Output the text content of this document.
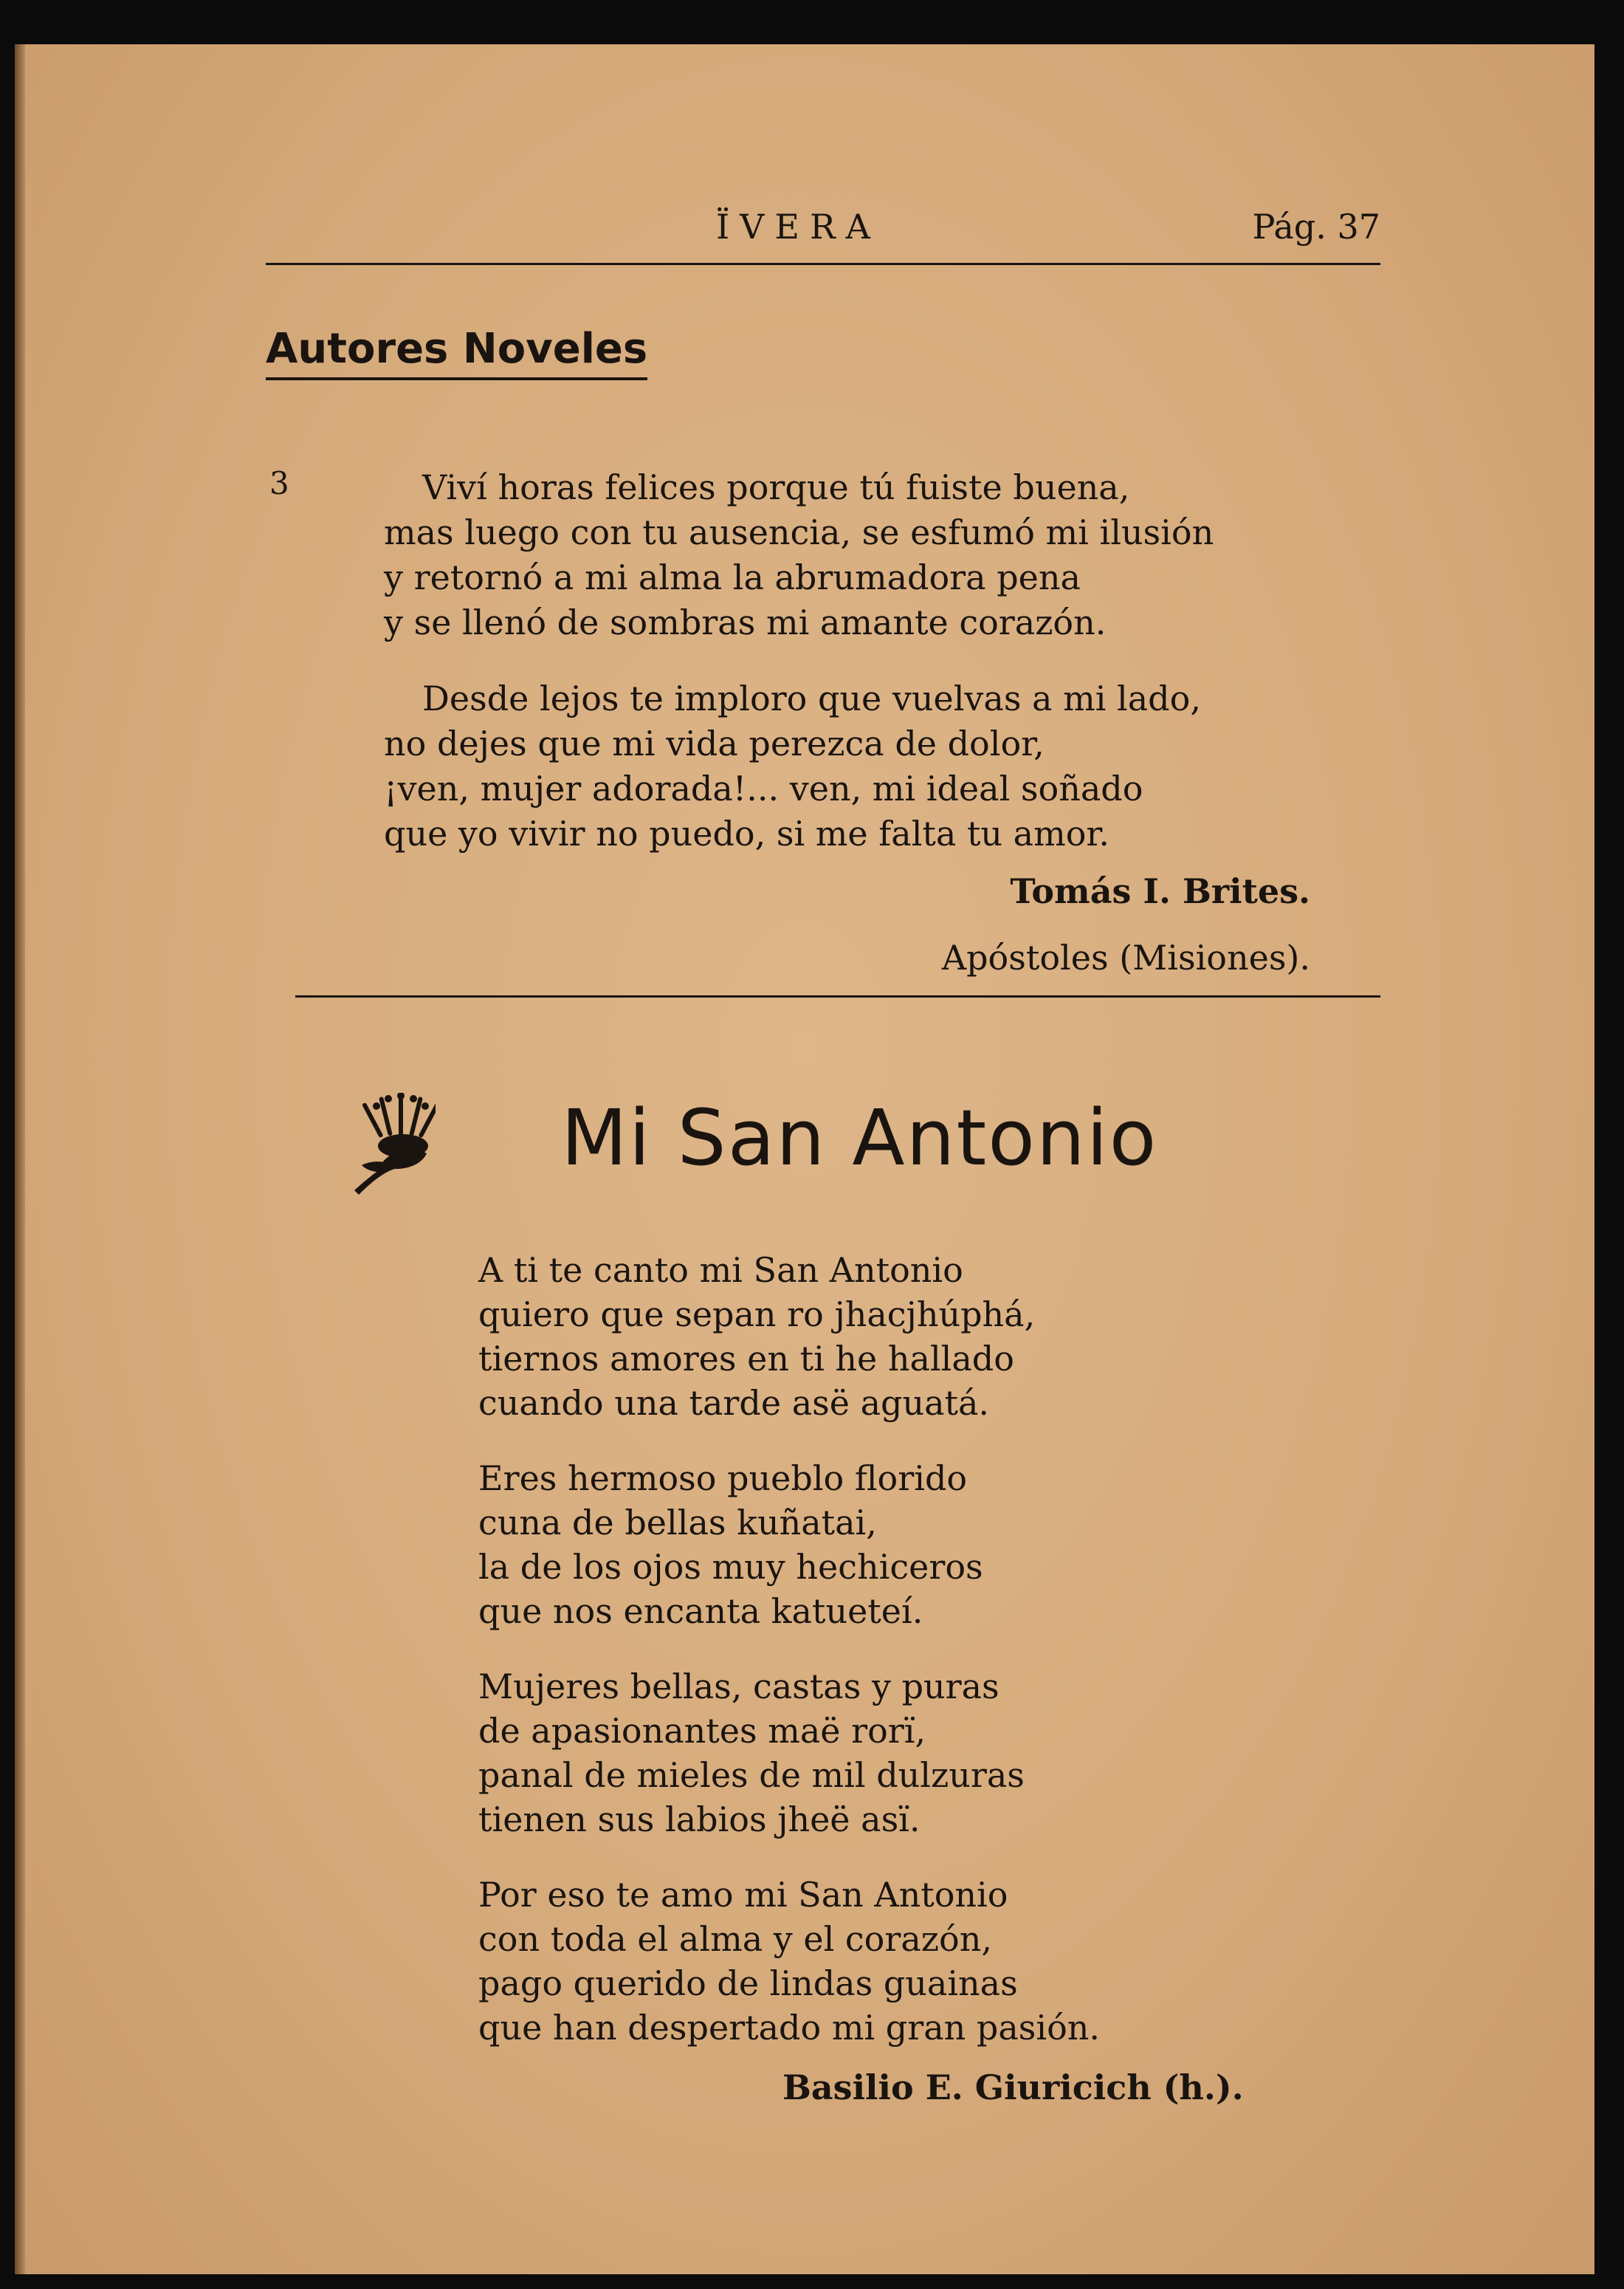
ÏVERA	Pág. 37
Autores Noveles
3	Viví horas felices porque tú fuiste buena,
mas luego con tu ausencia, se esfumó mi ilusión
y retornó a mi alma la abrumadora pena
y se llenó de sombras mi amante corazón.

Desde lejos te imploro que vuelvas a mi lado,
no dejes que mi vida perezca de dolor,
¡ven, mujer adorada!... ven, mi ideal soñado
que yo vivir no puedo, si me falta tu amor.

Tomás I. Brites.
Apóstoles (Misiones).
Mi San Antonio

A ti te canto mi San Antonio
quiero que sepan ro jhacjhúphá,
tiernos amores en ti he hallado
cuando una tarde asë aguatá.

Eres hermoso pueblo florido
cuna de bellas kuñatai,
la de los ojos muy hechiceros
que nos encanta katueteí.

Mujeres bellas, castas y puras
de apasionantes maë rorï,
panal de mieles de mil dulzuras
tienen sus labios jheë asï.

Por eso te amo mi San Antonio
con toda el alma y el corazón,
pago querido de lindas guainas
que han despertado mi gran pasión.

Basilio E. Giuricich (h.).
